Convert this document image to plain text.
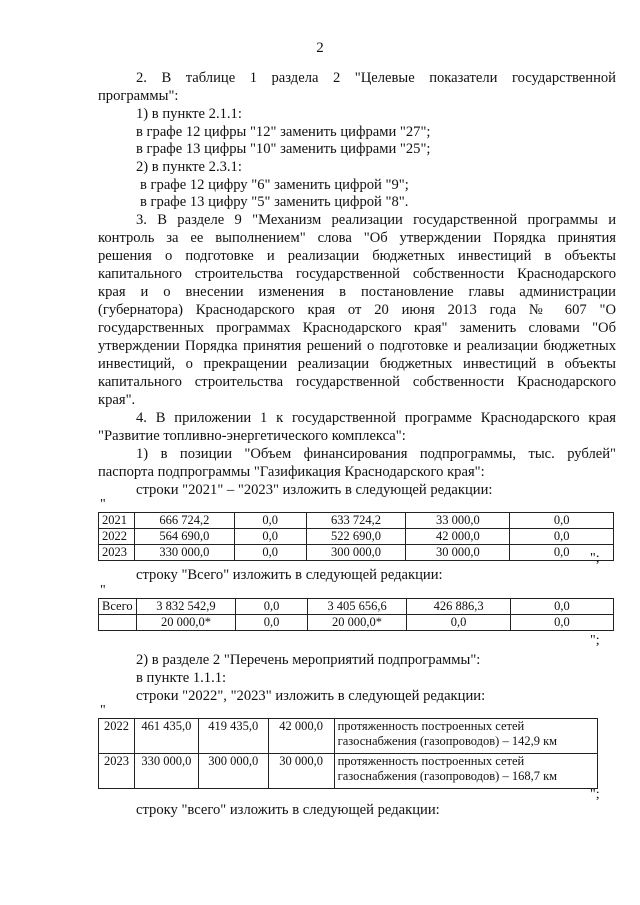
2
2. В таблице 1 раздела 2 "Целевые показатели государственной
программы":
1) в пункте 2.1.1:
в графе 12 цифры "12" заменить цифрами "27";
в графе 13 цифры "10" заменить цифрами "25";
2) в пункте 2.3.1:
в графе 12 цифру "6" заменить цифрой "9";
в графе 13 цифру "5" заменить цифрой "8".
3. В разделе 9 "Механизм реализации государственной программы и
контроль за ее выполнением" слова "Об утверждении Порядка принятия
решения о подготовке и реализации бюджетных инвестиций в объекты
капитального строительства государственной собственности Краснодарского
края и о внесении изменения в постановление главы администрации
(губернатора) Краснодарского края от 20 июня 2013 года № 607 "О
государственных программах Краснодарского края" заменить словами "Об
утверждении Порядка принятия решений о подготовке и реализации бюджетных
инвестиций, о прекращении реализации бюджетных инвестиций в объекты
капитального строительства государственной собственности Краснодарского
края".
4. В приложении 1 к государственной программе Краснодарского края
"Развитие топливно-энергетического комплекса":
1) в позиции "Объем финансирования подпрограммы, тыс. рублей"
паспорта подпрограммы "Газификация Краснодарского края":
строки "2021" – "2023" изложить в следующей редакции:
"
2021	666 724,2	0,0	633 724,2	33 000,0	0,0
2022	564 690,0	0,0	522 690,0	42 000,0	0,0
2023	330 000,0	0,0	300 000,0	30 000,0	0,0 ";
строку "Всего" изложить в следующей редакции:
"
Всего	3 832 542,9	0,0	3 405 656,6	426 886,3	0,0
	20 000,0*	0,0	20 000,0*	0,0	0,0
";
2) в разделе 2 "Перечень мероприятий подпрограммы":
в пункте 1.1.1:
строки "2022", "2023" изложить в следующей редакции:
"
2022	461 435,0	419 435,0	42 000,0	протяженность построенных сетей газоснабжения (газопроводов) – 142,9 км
2023	330 000,0	300 000,0	30 000,0	протяженность построенных сетей газоснабжения (газопроводов) – 168,7 км
";
строку "всего" изложить в следующей редакции:
